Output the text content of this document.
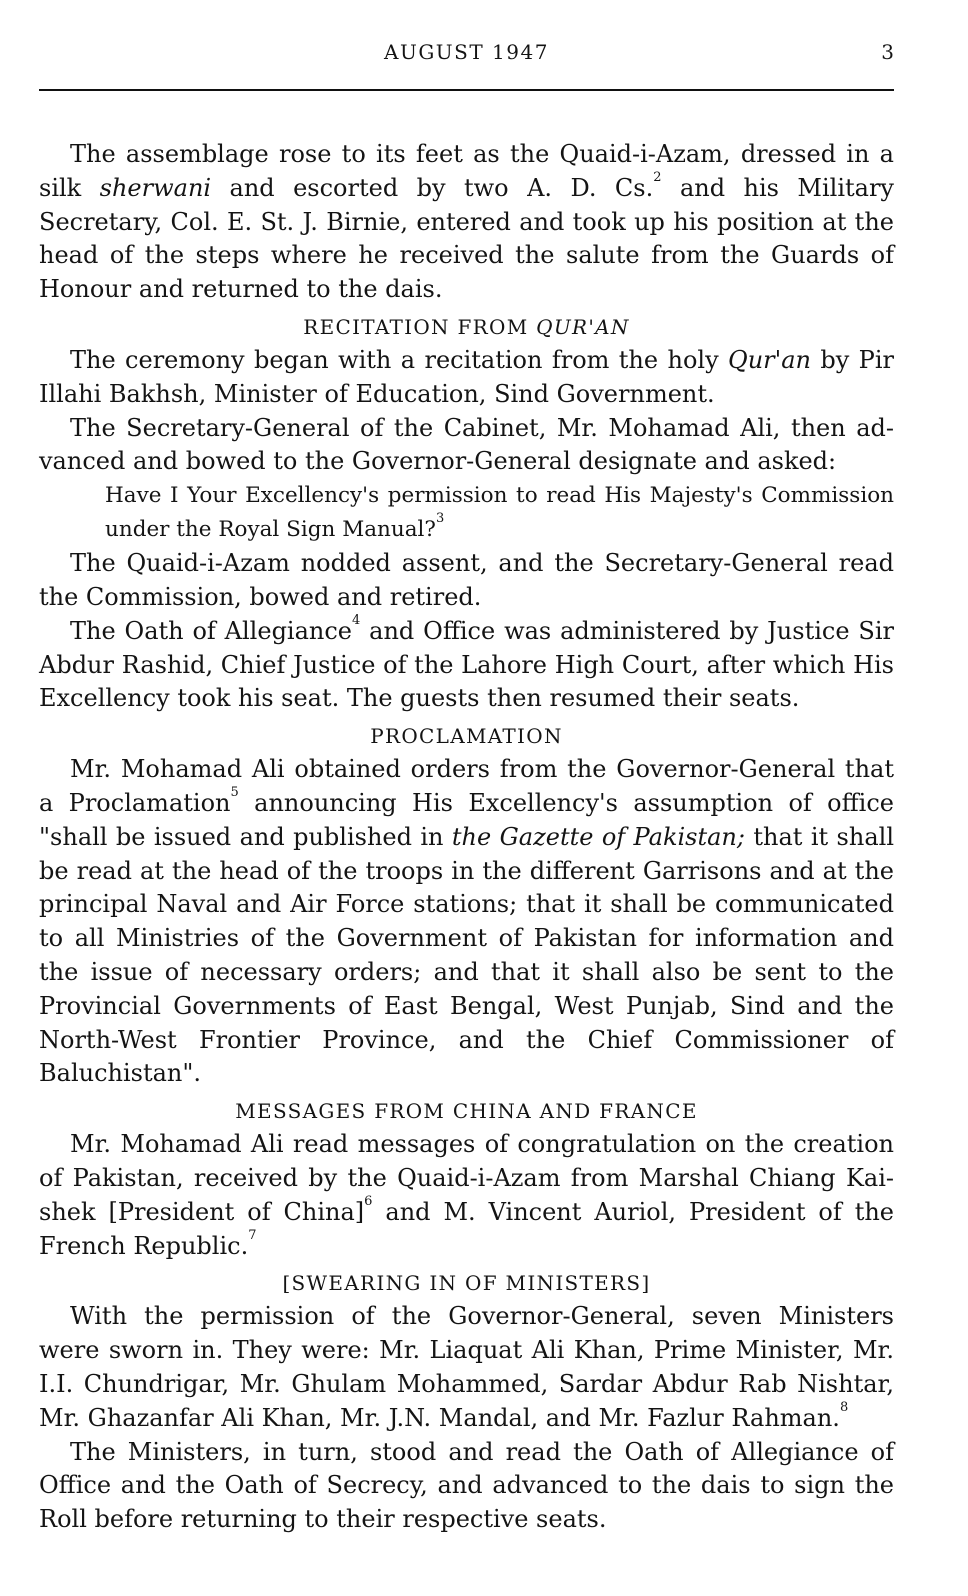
AUGUST 1947	3

The assemblage rose to its feet as the Quaid-i-Azam, dressed in a silk sherwani and escorted by two A. D. Cs.$^2$ and his Military Secretary, Col. E. St. J. Birnie, entered and took up his position at the head of the steps where he received the salute from the Guards of Honour and returned to the dais.

RECITATION FROM QUR'AN

The ceremony began with a recitation from the holy Qur'an by Pir Illahi Bakhsh, Minister of Education, Sind Government.

The Secretary-General of the Cabinet, Mr. Mohamad Ali, then advanced and bowed to the Governor-General designate and asked:

Have I Your Excellency's permission to read His Majesty's Commission under the Royal Sign Manual?$^3$

The Quaid-i-Azam nodded assent, and the Secretary-General read the Commission, bowed and retired.

The Oath of Allegiance$^4$ and Office was administered by Justice Sir Abdur Rashid, Chief Justice of the Lahore High Court, after which His Excellency took his seat. The guests then resumed their seats.

PROCLAMATION

Mr. Mohamad Ali obtained orders from the Governor-General that a Proclamation$^5$ announcing His Excellency's assumption of office "shall be issued and published in the Gazette of Pakistan; that it shall be read at the head of the troops in the different Garrisons and at the principal Naval and Air Force stations; that it shall be communicated to all Ministries of the Government of Pakistan for information and the issue of necessary orders; and that it shall also be sent to the Provincial Governments of East Bengal, West Punjab, Sind and the North-West Frontier Province, and the Chief Commissioner of Baluchistan".

MESSAGES FROM CHINA AND FRANCE

Mr. Mohamad Ali read messages of congratulation on the creation of Pakistan, received by the Quaid-i-Azam from Marshal Chiang Kai-shek [President of China]$^6$ and M. Vincent Auriol, President of the French Republic.$^7$

[SWEARING IN OF MINISTERS]

With the permission of the Governor-General, seven Ministers were sworn in. They were: Mr. Liaquat Ali Khan, Prime Minister, Mr. I.I. Chundrigar, Mr. Ghulam Mohammed, Sardar Abdur Rab Nishtar, Mr. Ghazanfar Ali Khan, Mr. J.N. Mandal, and Mr. Fazlur Rahman.$^8$

The Ministers, in turn, stood and read the Oath of Allegiance of Office and the Oath of Secrecy, and advanced to the dais to sign the Roll before returning to their respective seats.
